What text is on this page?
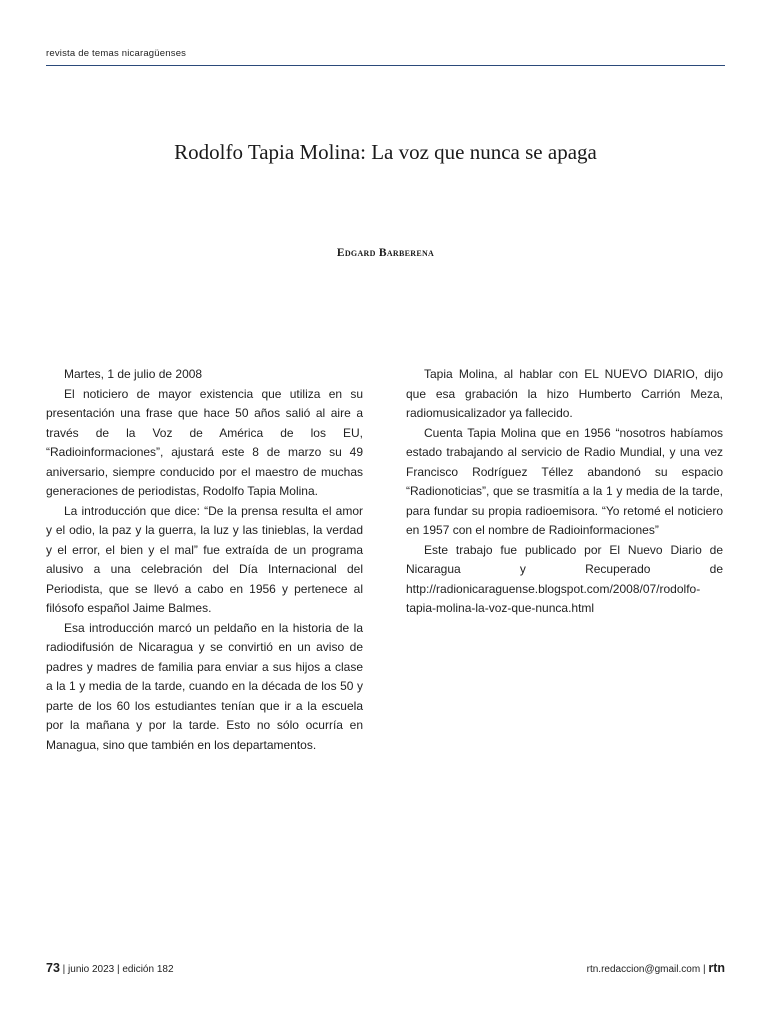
revista de temas nicaragüenses
Rodolfo Tapia Molina: La voz que nunca se apaga
Edgard Barberena

Martes, 1 de julio de 2008

El noticiero de mayor existencia que utiliza en su presentación una frase que hace 50 años salió al aire a través de la Voz de América de los EU, “Radioinformaciones”, ajustará este 8 de marzo su 49 aniversario, siempre conducido por el maestro de muchas generaciones de periodistas, Rodolfo Tapia Molina.

La introducción que dice: “De la prensa resulta el amor y el odio, la paz y la guerra, la luz y las tinieblas, la verdad y el error, el bien y el mal” fue extraída de un programa alusivo a una celebración del Día Internacional del Periodista, que se llevó a cabo en 1956 y pertenece al filósofo español Jaime Balmes.

Esa introducción marcó un peldaño en la historia de la radiodifusión de Nicaragua y se convirtió en un aviso de padres y madres de familia para enviar a sus hijos a clase a la 1 y media de la tarde, cuando en la década de los 50 y parte de los 60 los estudiantes tenían que ir a la escuela por la mañana y por la tarde. Esto no sólo ocurría en Managua, sino que también en los departamentos.

Tapia Molina, al hablar con EL NUEVO DIARIO, dijo que esa grabación la hizo Humberto Carrión Meza, radiomusicalizador ya fallecido.

Cuenta Tapia Molina que en 1956 “nosotros habíamos estado trabajando al servicio de Radio Mundial, y una vez Francisco Rodríguez Téllez abandonó su espacio “Radionoticias”, que se trasmitía a la 1 y media de la tarde, para fundar su propia radioemisora. “Yo retomé el noticiero en 1957 con el nombre de Radioinformaciones”

Este trabajo fue publicado por El Nuevo Diario de Nicaragua y Recuperado de http://radionicaraguense.blogspot.com/2008/07/rodolfo-tapia-molina-la-voz-que-nunca.html

73 | junio 2023 | edición 182	rtn.redaccion@gmail.com | rtn
